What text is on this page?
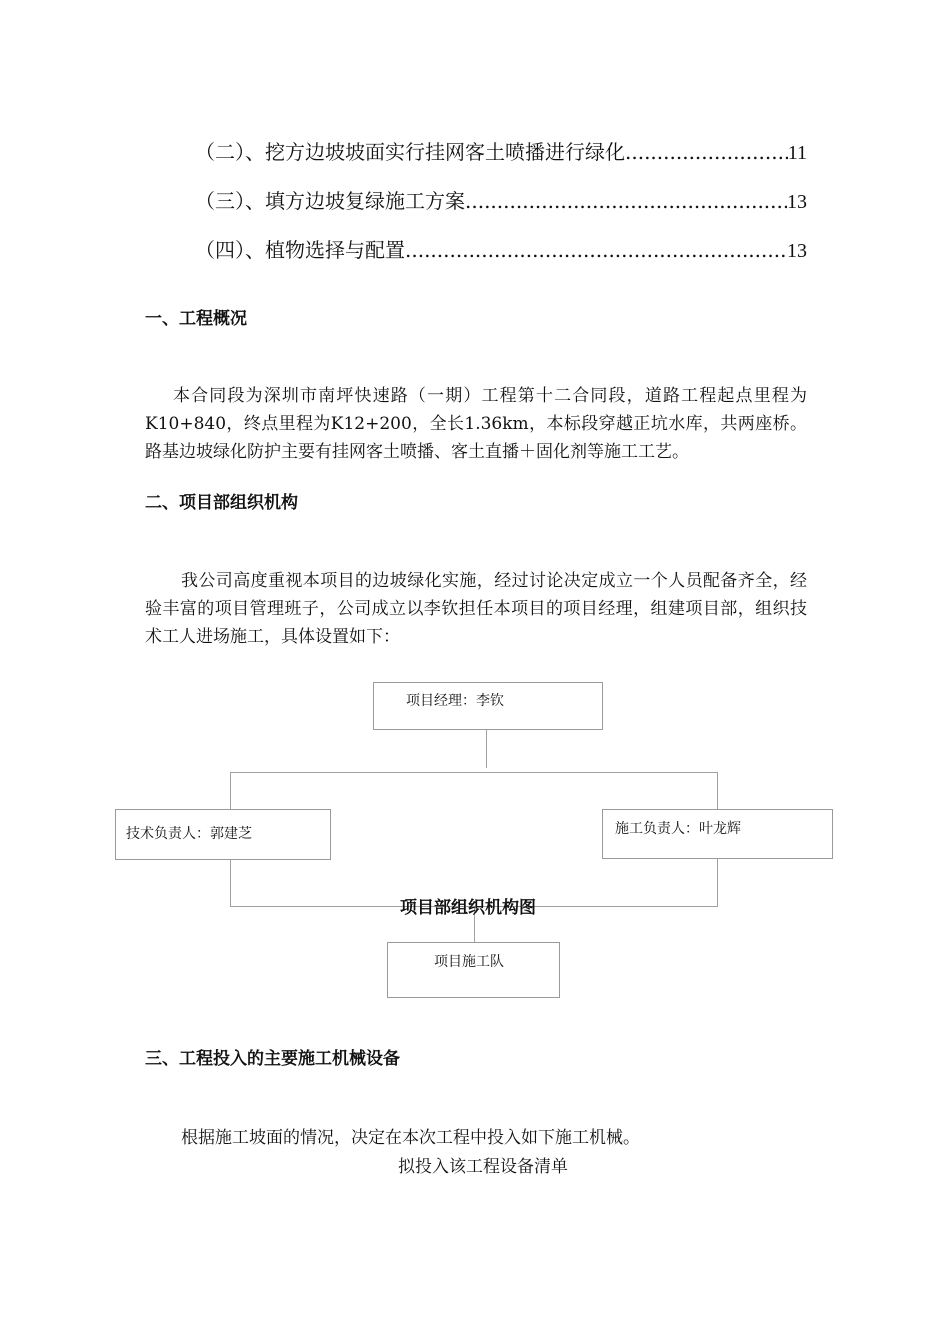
（二）、挖方边坡坡面实行挂网客土喷播进行绿化 .....	11
（三）、填方边坡复绿施工方案 .....	13
（四）、植物选择与配置 .....	13
一、工程概况
本合同段为深圳市南坪快速路（一期）工程第十二合同段，道路工程起点里程为K10+840，终点里程为K12+200，全长1.36km，本标段穿越正坑水库，共两座桥。路基边坡绿化防护主要有挂网客土喷播、客土直播＋固化剂等施工工艺。
二、项目部组织机构
我公司高度重视本项目的边坡绿化实施，经过讨论决定成立一个人员配备齐全，经验丰富的项目管理班子，公司成立以李钦担任本项目的项目经理，组建项目部，组织技术工人进场施工，具体设置如下：
项目经理：李钦
技术负责人：郭建芝	施工负责人：叶龙辉
项目部组织机构图
项目施工队
三、工程投入的主要施工机械设备
根据施工坡面的情况，决定在本次工程中投入如下施工机械。
拟投入该工程设备清单
